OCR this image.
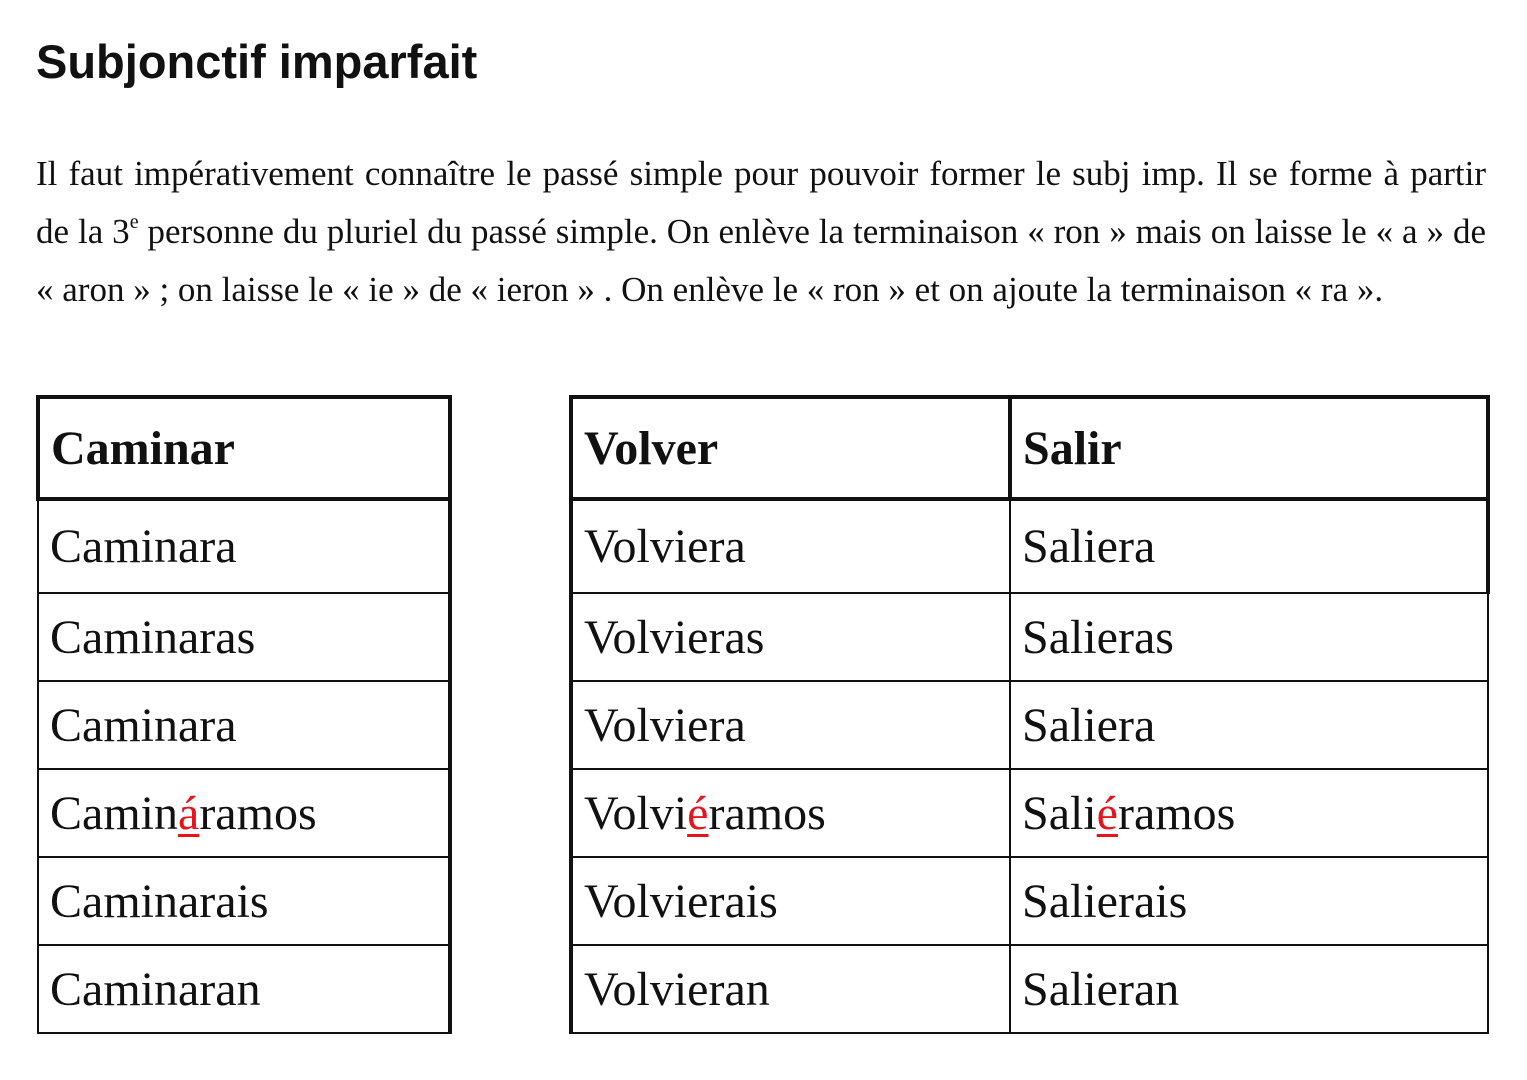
Subjonctif imparfait

Il faut impérativement connaître le passé simple pour pouvoir former le subj imp. Il se forme à partir de la 3e personne du pluriel du passé simple. On enlève la terminaison « ron » mais on laisse le « a » de « aron » ; on laisse le « ie » de « ieron » . On enlève le « ron » et on ajoute la terminaison « ra ».

Caminar
Caminara
Caminaras
Caminara
Camináramos
Caminarais
Caminaran
Volver	Salir
Volviera	Saliera
Volvieras	Salieras
Volviera	Saliera
Volviéramos	Saliéramos
Volvierais	Salierais
Volvieran	Salieran
